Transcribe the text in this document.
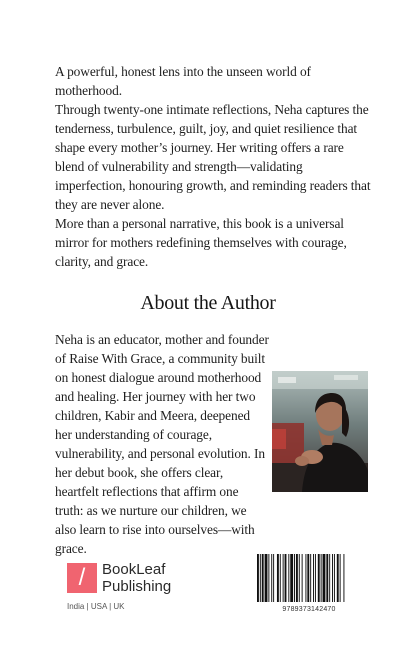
A powerful, honest lens into the unseen world of motherhood.

Through twenty-one intimate reflections, Neha captures the tenderness, turbulence, guilt, joy, and quiet resilience that shape every mother’s journey. Her writing offers a rare blend of vulnerability and strength—validating imperfection, honouring growth, and reminding readers that they are never alone.

More than a personal narrative, this book is a universal mirror for mothers redefining themselves with courage, clarity, and grace.

About the Author
Neha is an educator, mother and founder of Raise With Grace, a community built on honest dialogue around motherhood and healing. Her journey with her two children, Kabir and Meera, deepened her understanding of courage, vulnerability, and personal evolution. In her debut book, she offers clear, heartfelt reflections that affirm one truth: as we nurture our children, we also learn to rise into ourselves—with grace.
/	BookLeaf
Publishing
India | USA | UK	9789373142470
